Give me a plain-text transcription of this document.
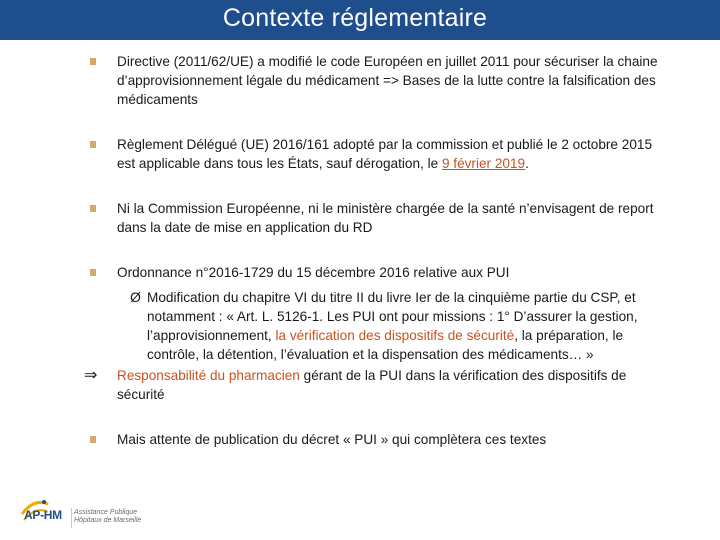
Contexte réglementaire

Directive (2011/62/UE) a modifié le code Européen en juillet 2011 pour sécuriser la chaine d’approvisionnement légale du médicament => Bases de la lutte contre la falsification des médicaments

Règlement Délégué (UE) 2016/161 adopté par la commission et publié le 2 octobre 2015 est applicable dans tous les États, sauf dérogation, le 9 février 2019.

Ni la Commission Européenne, ni le ministère chargée de la santé n’envisagent de report dans la date de mise en application du RD

Ordonnance n°2016-1729 du 15 décembre 2016 relative aux PUI

Ø Modification du chapitre VI du titre II du livre Ier de la cinquième partie du CSP, et notamment : « Art. L. 5126-1. Les PUI ont pour missions : 1° D’assurer la gestion, l’approvisionnement, la vérification des dispositifs de sécurité, la préparation, le contrôle, la détention, l’évaluation et la dispensation des médicaments… »

⇒ Responsabilité du pharmacien gérant de la PUI dans la vérification des dispositifs de sécurité

Mais attente de publication du décret « PUI » qui complètera ces textes

AP-HM Assistance Publique
Hôpitaux de Marseille
